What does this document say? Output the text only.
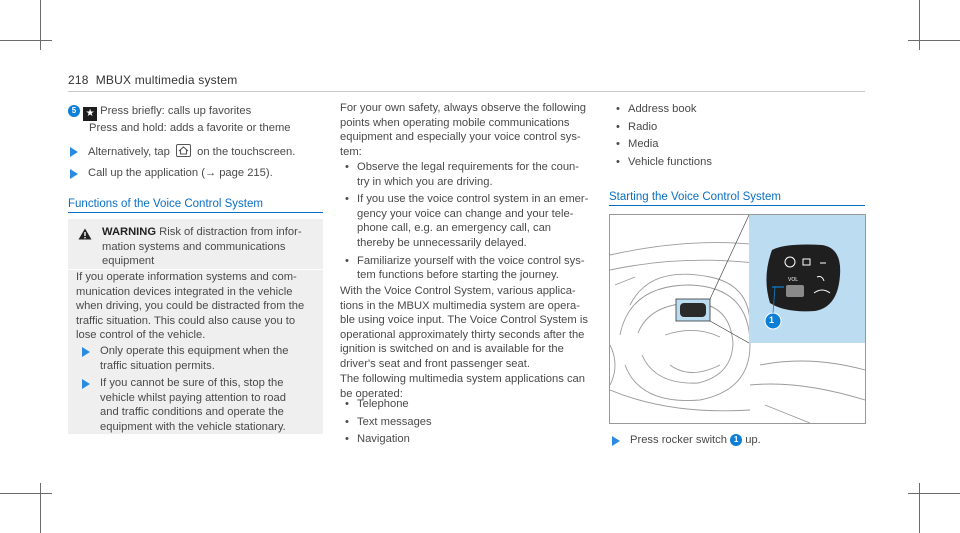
218 MBUX multimedia system
5 ★ Press briefly: calls up favorites
Press and hold: adds a favorite or theme
Alternatively, tap on the touchscreen.
Call up the application (→ page 215).
Functions of the Voice Control System
WARNING Risk of distraction from infor-
mation systems and communications
equipment
If you operate information systems and com-
munication devices integrated in the vehicle
when driving, you could be distracted from the
traffic situation. This could also cause you to
lose control of the vehicle.
Only operate this equipment when the
traffic situation permits.
If you cannot be sure of this, stop the
vehicle whilst paying attention to road
and traffic conditions and operate the
equipment with the vehicle stationary.
For your own safety, always observe the following
points when operating mobile communications
equipment and especially your voice control sys-
tem:
• Observe the legal requirements for the coun-
try in which you are driving.
• If you use the voice control system in an emer-
gency your voice can change and your tele-
phone call, e.g. an emergency call, can
thereby be unnecessarily delayed.
• Familiarize yourself with the voice control sys-
tem functions before starting the journey.
With the Voice Control System, various applica-
tions in the MBUX multimedia system are opera-
ble using voice input. The Voice Control System is
operational approximately thirty seconds after the
ignition is switched on and is available for the
driver's seat and front passenger seat.
The following multimedia system applications can
be operated:
• Telephone
• Text messages
• Navigation
• Address book
• Radio
• Media
• Vehicle functions
Starting the Voice Control System
VOL
1
Press rocker switch 1 up.
